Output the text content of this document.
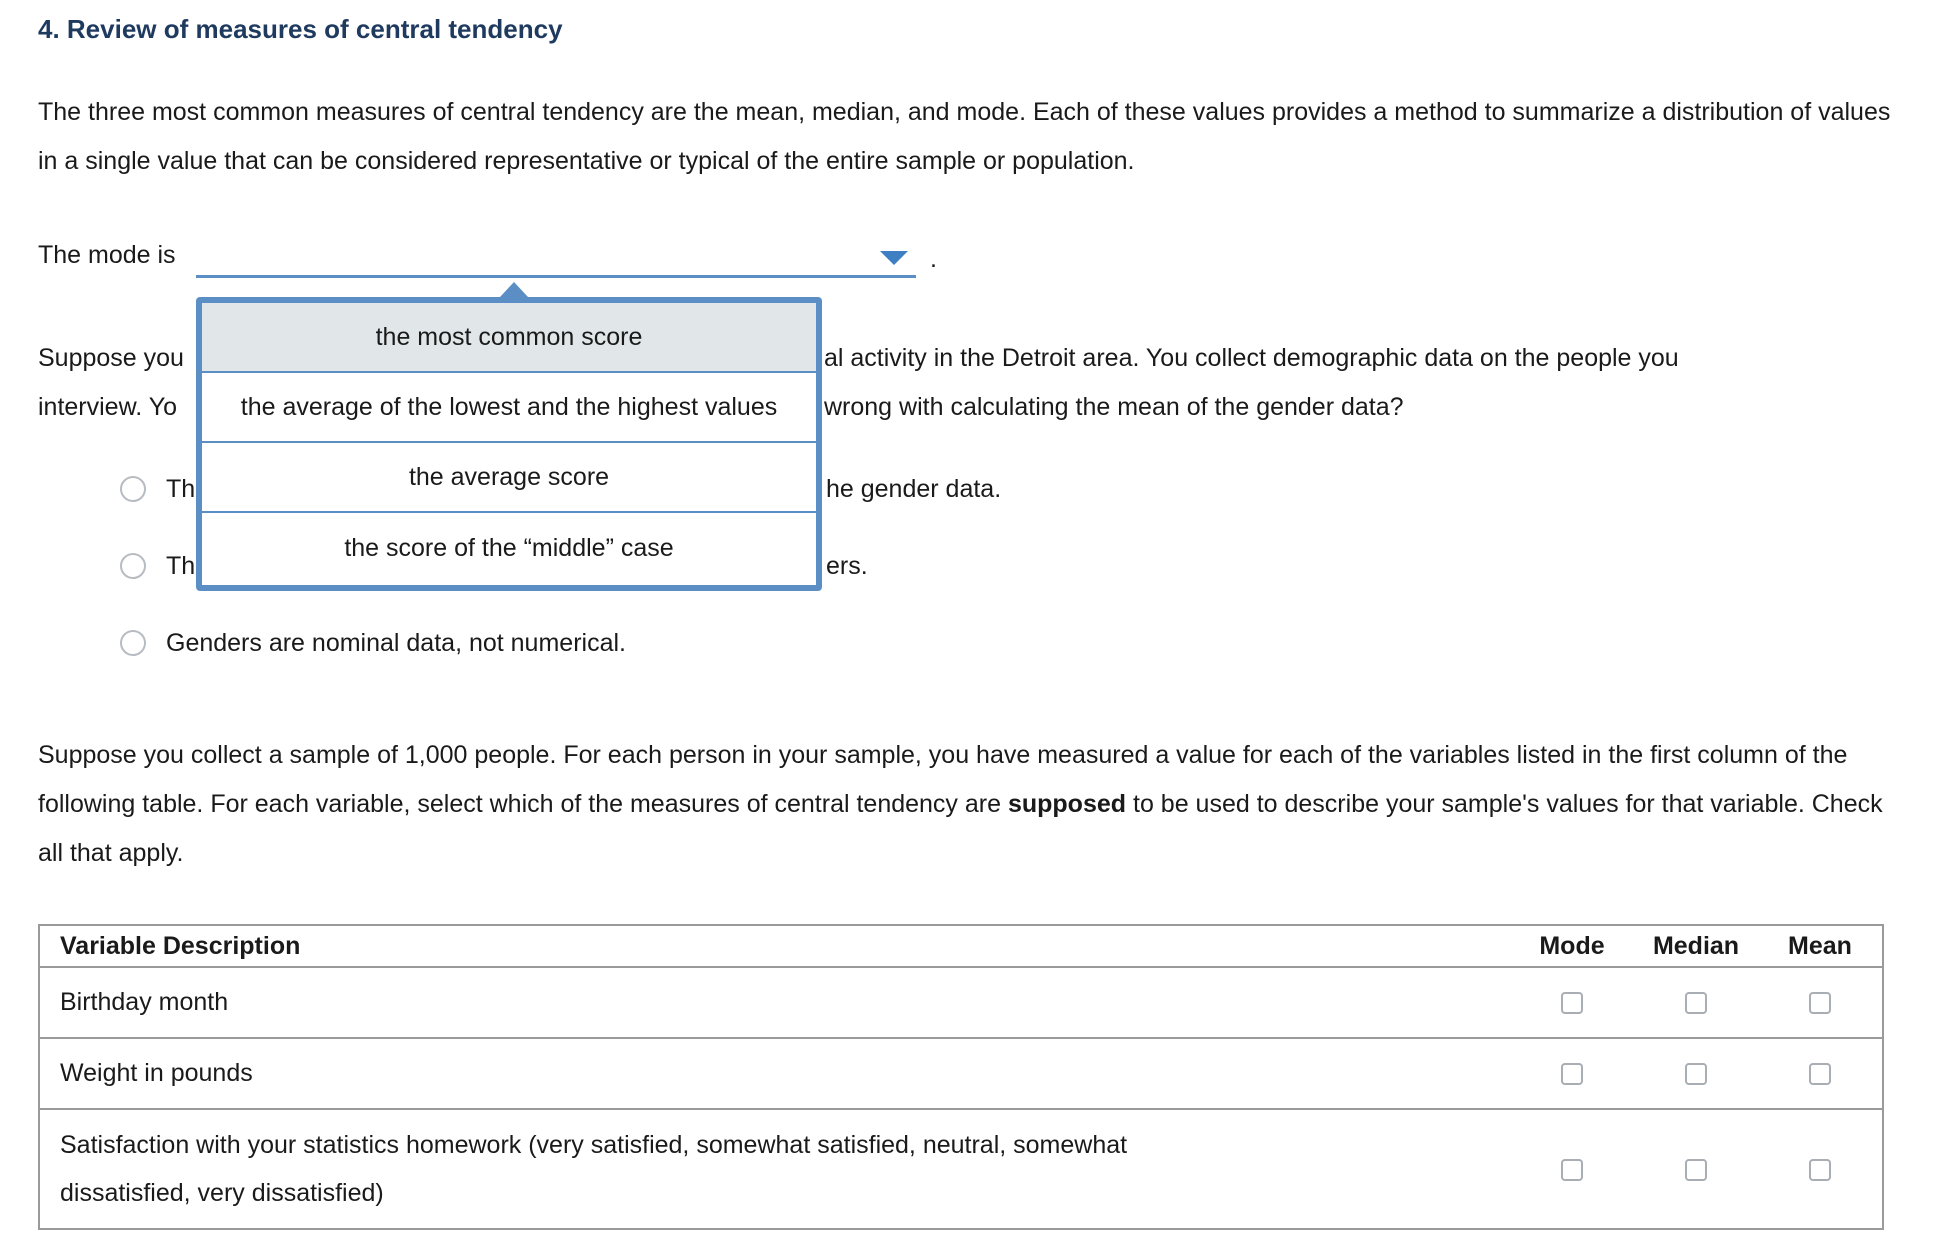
4. Review of measures of central tendency
The three most common measures of central tendency are the mean, median, and mode. Each of these values provides a method to summarize a distribution of values in a single value that can be considered representative or typical of the entire sample or population.
The mode is	.
Suppose you	al activity in the Detroit area. You collect demographic data on the people you
interview. Yo	wrong with calculating the mean of the gender data?
Th	he gender data.
Th	ers.
Genders are nominal data, not numerical.
Suppose you collect a sample of 1,000 people. For each person in your sample, you have measured a value for each of the variables listed in the first column of the following table. For each variable, select which of the measures of central tendency are supposed to be used to describe your sample's values for that variable. Check all that apply.
Variable Description	Mode	Median	Mean
Birthday month			
Weight in pounds			
Satisfaction with your statistics homework (very satisfied, somewhat satisfied, neutral, somewhat dissatisfied, very dissatisfied)			
the most common score
the average of the lowest and the highest values
the average score
the score of the “middle” case
